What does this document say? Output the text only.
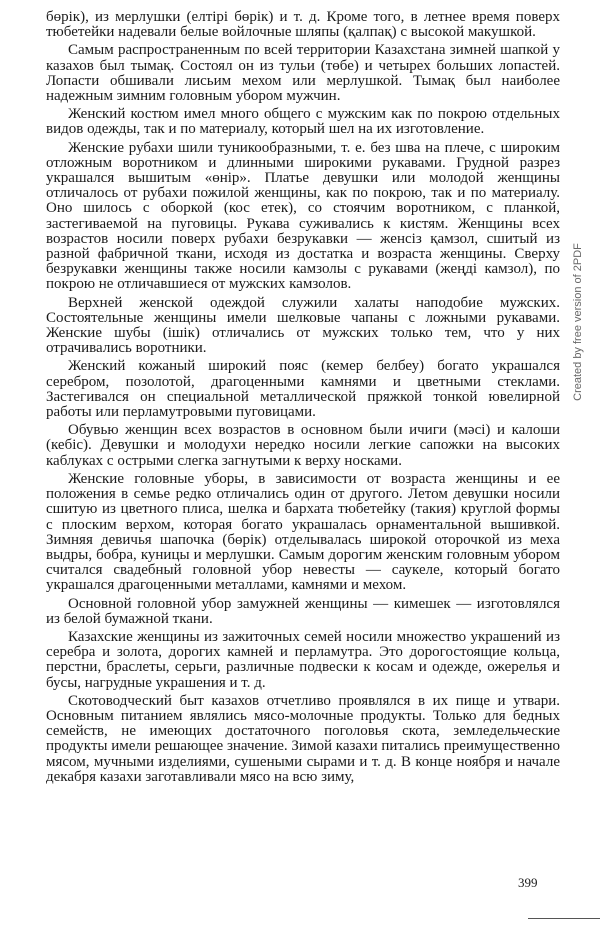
бөрік), из мерлушки (елтірі бөрік) и т. д. Кроме того, в летнее время поверх тюбетейки надевали белые войлочные шляпы (қалпақ) с высокой макушкой.

Самым распространенным по всей территории Казахстана зимней шапкой у казахов был тымақ. Состоял он из тульи (төбе) и четырех больших лопастей. Лопасти обшивали лисьим мехом или мерлушкой. Тымақ был наиболее надежным зимним головным убором мужчин.

Женский костюм имел много общего с мужским как по покрою отдельных видов одежды, так и по материалу, который шел на их изготовление.

Женские рубахи шили туникообразными, т. е. без шва на плече, с широким отложным воротником и длинными широкими рукавами. Грудной разрез украшался вышитым «өнір». Платье девушки или молодой женщины отличалось от рубахи пожилой женщины, как по покрою, так и по материалу. Оно шилось с оборкой (кос етек), со стоячим воротником, с планкой, застегиваемой на пуговицы. Рукава суживались к кистям. Женщины всех возрастов носили поверх рубахи безрукавки — женсіз қамзол, сшитый из разной фабричной ткани, исходя из достатка и возраста женщины. Сверху безрукавки женщины также носили камзолы с рукавами (жеңді камзол), по покрою не отличавшиеся от мужских камзолов.

Верхней женской одеждой служили халаты наподобие мужских. Состоятельные женщины имели шелковые чапаны с ложными рукавами. Женские шубы (ішік) отличались от мужских только тем, что у них отрачивались воротники.

Женский кожаный широкий пояс (кемер белбеу) богато украшался серебром, позолотой, драгоценными камнями и цветными стеклами. Застегивался он специальной металлической пряжкой тонкой ювелирной работы или перламутровыми пуговицами.

Обувью женщин всех возрастов в основном были ичиги (мәсі) и калоши (кебіс). Девушки и молодухи нередко носили легкие сапожки на высоких каблуках с острыми слегка загнутыми к верху носками.

Женские головные уборы, в зависимости от возраста женщины и ее положения в семье редко отличались один от другого. Летом девушки носили сшитую из цветного плиса, шелка и бархата тюбетейку (такия) круглой формы с плоским верхом, которая богато украшалась орнаментальной вышивкой. Зимняя девичья шапочка (бөрік) отделывалась широкой оторочкой из меха выдры, бобра, куницы и мерлушки. Самым дорогим женским головным убором считался свадебный головной убор невесты — саукеле, который богато украшался драгоценными металлами, камнями и мехом.

Основной головной убор замужней женщины — кимешек — изготовлялся из белой бумажной ткани.

Казахские женщины из зажиточных семей носили множество украшений из серебра и золота, дорогих камней и перламутра. Это дорогостоящие кольца, перстни, браслеты, серьги, различные подвески к косам и одежде, ожерелья и бусы, нагрудные украшения и т. д.

Скотоводческий быт казахов отчетливо проявлялся в их пище и утвари. Основным питанием являлись мясо-молочные продукты. Только для бедных семейств, не имеющих достаточного поголовья скота, земледельческие продукты имели решающее значение. Зимой казахи питались преимущественно мясом, мучными изделиями, сушеными сырами и т. д. В конце ноября и начале декабря казахи заготавливали мясо на всю зиму,

399
Created by free version of 2PDF
